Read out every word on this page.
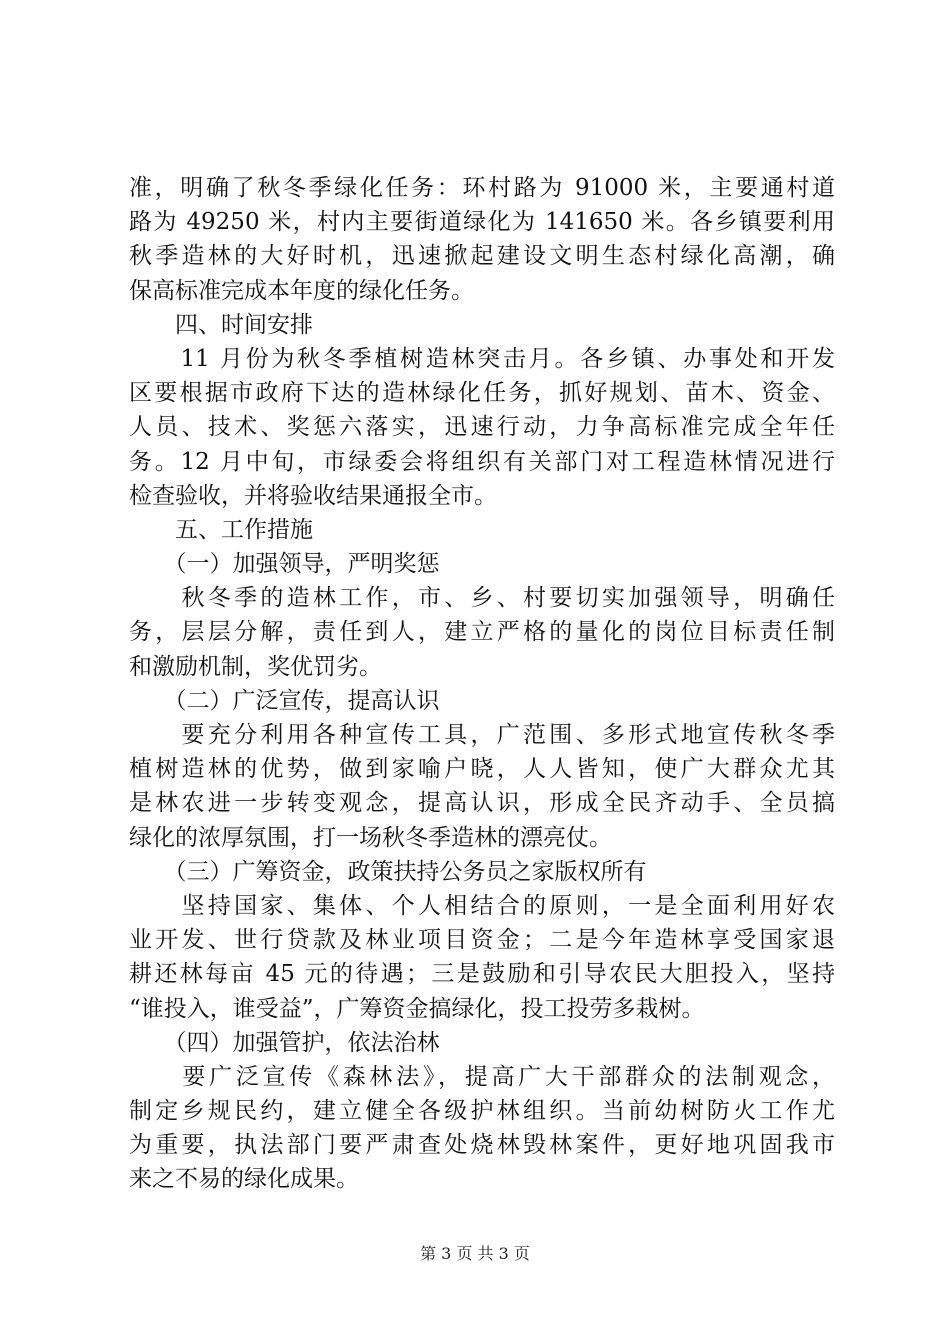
准，明确了秋冬季绿化任务：环村路为 91000 米，主要通村道
路为 49250 米，村内主要街道绿化为 141650 米。各乡镇要利用
秋季造林的大好时机，迅速掀起建设文明生态村绿化高潮，确
保高标准完成本年度的绿化任务。
　　四、时间安排
　　11 月份为秋冬季植树造林突击月。各乡镇、办事处和开发
区要根据市政府下达的造林绿化任务，抓好规划、苗木、资金、
人员、技术、奖惩六落实，迅速行动，力争高标准完成全年任
务。12 月中旬，市绿委会将组织有关部门对工程造林情况进行
检查验收，并将验收结果通报全市。
　　五、工作措施
　　（一）加强领导，严明奖惩
　　秋冬季的造林工作，市、乡、村要切实加强领导，明确任
务，层层分解，责任到人，建立严格的量化的岗位目标责任制
和激励机制，奖优罚劣。
　　（二）广泛宣传，提高认识
　　要充分利用各种宣传工具，广范围、多形式地宣传秋冬季
植树造林的优势，做到家喻户晓，人人皆知，使广大群众尤其
是林农进一步转变观念，提高认识，形成全民齐动手、全员搞
绿化的浓厚氛围，打一场秋冬季造林的漂亮仗。
　　（三）广筹资金，政策扶持公务员之家版权所有
　　坚持国家、集体、个人相结合的原则，一是全面利用好农
业开发、世行贷款及林业项目资金；二是今年造林享受国家退
耕还林每亩 45 元的待遇；三是鼓励和引导农民大胆投入，坚持
“谁投入，谁受益”，广筹资金搞绿化，投工投劳多栽树。
　　（四）加强管护，依法治林
　　要广泛宣传《森林法》，提高广大干部群众的法制观念，
制定乡规民约，建立健全各级护林组织。当前幼树防火工作尤
为重要，执法部门要严肃查处烧林毁林案件，更好地巩固我市
来之不易的绿化成果。
第 3 页 共 3 页
